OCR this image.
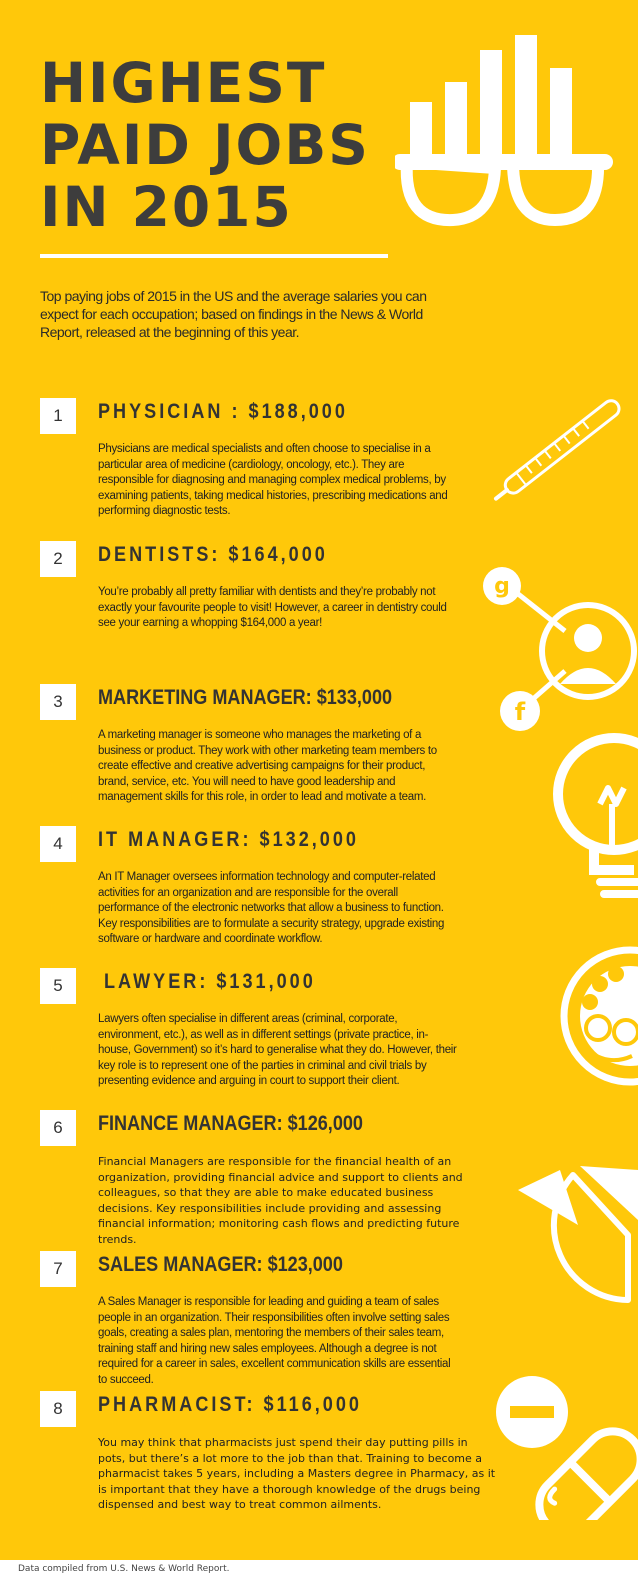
HIGHEST
PAID JOBS
IN 2015

Top paying jobs of 2015 in the US and the average salaries you can expect for each occupation; based on findings in the News & World Report, released at the beginning of this year.

1	PHYSICIAN : $188,000
Physicians are medical specialists and often choose to specialise in a particular area of medicine (cardiology, oncology, etc.). They are responsible for diagnosing and managing complex medical problems, by examining patients, taking medical histories, prescribing medications and performing diagnostic tests.
2	DENTISTS: $164,000
You’re probably all pretty familiar with dentists and they’re probably not exactly your favourite people to visit! However, a career in dentistry could see your earning a whopping $164,000 a year!
3	MARKETING MANAGER: $133,000
A marketing manager is someone who manages the marketing of a business or product. They work with other marketing team members to create effective and creative advertising campaigns for their product, brand, service, etc. You will need to have good leadership and management skills for this role, in order to lead and motivate a team.
4	IT MANAGER: $132,000
An IT Manager oversees information technology and computer-related activities for an organization and are responsible for the overall performance of the electronic networks that allow a business to function. Key responsibilities are to formulate a security strategy, upgrade existing software or hardware and coordinate workflow.
5	LAWYER: $131,000
Lawyers often specialise in different areas (criminal, corporate, environment, etc.), as well as in different settings (private practice, in-house, Government) so it’s hard to generalise what they do. However, their key role is to represent one of the parties in criminal and civil trials by presenting evidence and arguing in court to support their client.
6	FINANCE MANAGER: $126,000
Financial Managers are responsible for the financial health of an organization, providing financial advice and support to clients and colleagues, so that they are able to make educated business decisions. Key responsibilities include providing and assessing financial information; monitoring cash flows and predicting future trends.
7	SALES MANAGER: $123,000
A Sales Manager is responsible for leading and guiding a team of sales people in an organization. Their responsibilities often involve setting sales goals, creating a sales plan, mentoring the members of their sales team, training staff and hiring new sales employees. Although a degree is not required for a career in sales, excellent communication skills are essential to succeed.
8	PHARMACIST: $116,000
You may think that pharmacists just spend their day putting pills in pots, but there’s a lot more to the job than that. Training to become a pharmacist takes 5 years, including a Masters degree in Pharmacy, as it is important that they have a thorough knowledge of the drugs being dispensed and best way to treat common ailments.
g
f
Data compiled from U.S. News & World Report.
